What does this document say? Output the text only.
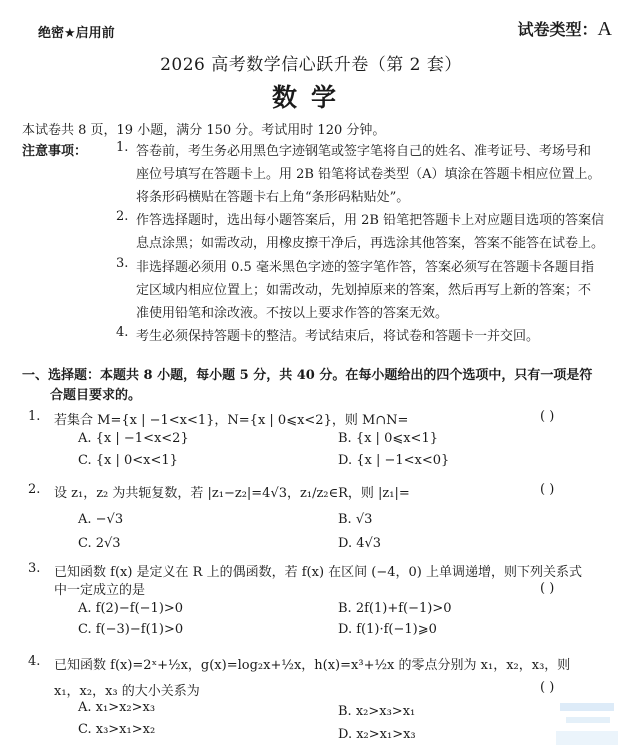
绝密★启用前	试卷类型：A
2026 高考数学信心跃升卷（第 2 套）
数学
本试卷共 8 页，19 小题，满分 150 分。考试用时 120 分钟。
注意事项： 1. 答卷前，考生务必用黑色字迹钢笔或签字笔将自己的姓名、准考证号、考场号和
座位号填写在答题卡上。用 2B 铅笔将试卷类型（A）填涂在答题卡相应位置上。
将条形码横贴在答题卡右上角“条形码粘贴处”。
2. 作答选择题时，选出每小题答案后，用 2B 铅笔把答题卡上对应题目选项的答案信
息点涂黑；如需改动，用橡皮擦干净后，再选涂其他答案，答案不能答在试卷上。
3. 非选择题必须用 0.5 毫米黑色字迹的签字笔作答，答案必须写在答题卡各题目指
定区域内相应位置上；如需改动，先划掉原来的答案，然后再写上新的答案；不
准使用铅笔和涂改液。不按以上要求作答的答案无效。
4. 考生必须保持答题卡的整洁。考试结束后，将试卷和答题卡一并交回。
一、选择题：本题共 8 小题，每小题 5 分，共 40 分。在每小题给出的四个选项中，只有一项是符
合题目要求的。
1. 若集合 M={x | −1<x<1}，N={x | 0⩽x<2}，则 M∩N=	( )
A. {x | −1<x<2}	B. {x | 0⩽x<1}
C. {x | 0<x<1}	D. {x | −1<x<0}
2. 设 z₁，z₂ 为共轭复数，若 |z₁−z₂|=4√3，z₁/z₂∈R，则 |z₁|=	( )
A. −√3	B. √3
C. 2√3	D. 4√3
3. 已知函数 f(x) 是定义在 R 上的偶函数，若 f(x) 在区间 (−4，0) 上单调递增，则下列关系式
中一定成立的是	( )
A. f(2)−f(−1)>0	B. 2f(1)+f(−1)>0
C. f(−3)−f(1)>0	D. f(1)·f(−1)⩾0
4. 已知函数 f(x)=2ˣ+½x，g(x)=log₂x+½x，h(x)=x³+½x 的零点分别为 x₁，x₂，x₃，则
x₁，x₂，x₃ 的大小关系为	( )
A. x₁>x₂>x₃	B. x₂>x₃>x₁
C. x₃>x₁>x₂	D. x₂>x₁>x₃
